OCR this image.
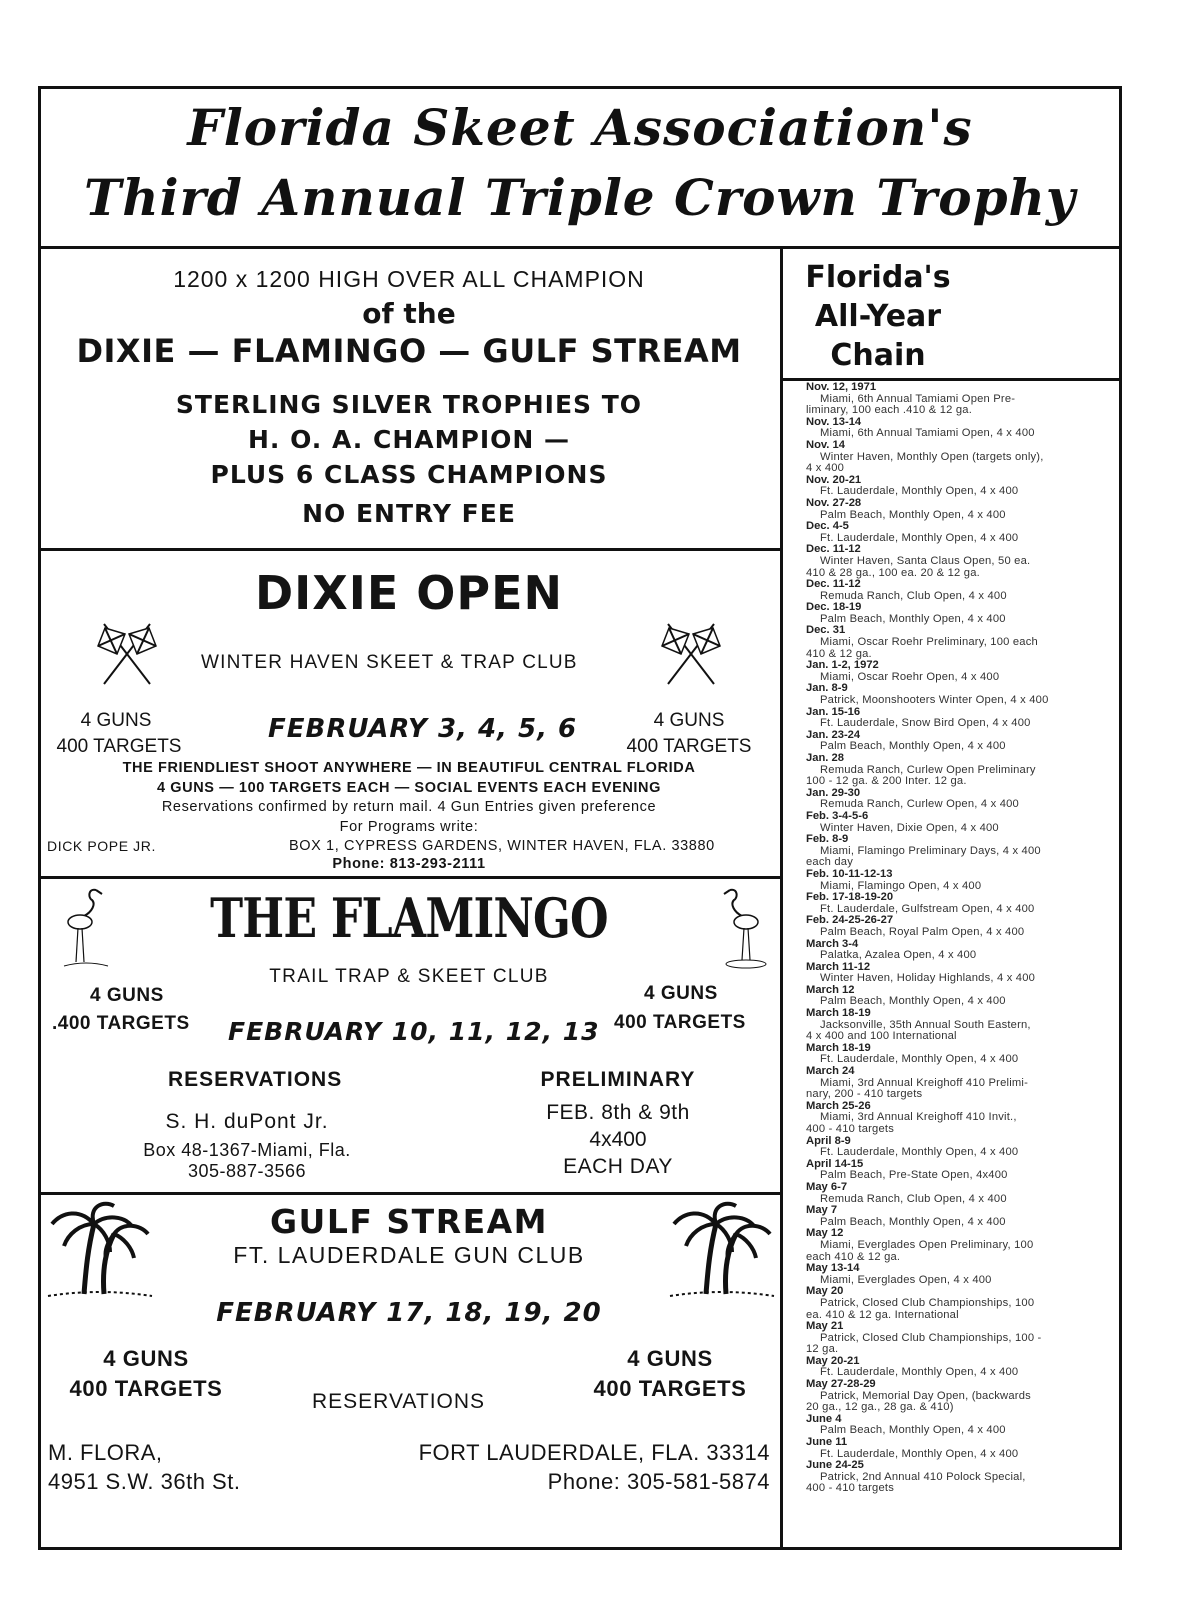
Florida Skeet Association's
Third Annual Triple Crown Trophy
1200 x 1200 HIGH OVER ALL CHAMPION
of the
DIXIE — FLAMINGO — GULF STREAM
STERLING SILVER TROPHIES TO
H. O. A. CHAMPION —
PLUS 6 CLASS CHAMPIONS
NO ENTRY FEE
DIXIE OPEN
WINTER HAVEN SKEET & TRAP CLUB
4 GUNS
400 TARGETS
FEBRUARY 3, 4, 5, 6	4 GUNS
400 TARGETS
THE FRIENDLIEST SHOOT ANYWHERE — IN BEAUTIFUL CENTRAL FLORIDA
4 GUNS — 100 TARGETS EACH — SOCIAL EVENTS EACH EVENING
Reservations confirmed by return mail. 4 Gun Entries given preference
For Programs write:
DICK POPE JR.	BOX 1, CYPRESS GARDENS, WINTER HAVEN, FLA. 33880
Phone: 813-293-2111
THE FLAMINGO
TRAIL TRAP & SKEET CLUB
4 GUNS
.400 TARGETS
4 GUNS
400 TARGETS
FEBRUARY 10, 11, 12, 13
RESERVATIONS
S. H. duPont Jr.
Box 48-1367-Miami, Fla.
305-887-3566
PRELIMINARY
FEB. 8th & 9th
4x400
EACH DAY
GULF STREAM
FT. LAUDERDALE GUN CLUB
FEBRUARY 17, 18, 19, 20
4 GUNS
400 TARGETS
4 GUNS
400 TARGETS
RESERVATIONS
M. FLORA,
4951 S.W. 36th St.
FORT LAUDERDALE, FLA. 33314
Phone: 305-581-5874
Florida's
All-Year
Chain
Nov. 12, 1971
Miami, 6th Annual Tamiami Open Pre-
liminary, 100 each .410 & 12 ga.
Nov. 13-14
Miami, 6th Annual Tamiami Open, 4 x 400
Nov. 14
Winter Haven, Monthly Open (targets only),
4 x 400
Nov. 20-21
Ft. Lauderdale, Monthly Open, 4 x 400
Nov. 27-28
Palm Beach, Monthly Open, 4 x 400
Dec. 4-5
Ft. Lauderdale, Monthly Open, 4 x 400
Dec. 11-12
Winter Haven, Santa Claus Open, 50 ea.
410 & 28 ga., 100 ea. 20 & 12 ga.
Dec. 11-12
Remuda Ranch, Club Open, 4 x 400
Dec. 18-19
Palm Beach, Monthly Open, 4 x 400
Dec. 31
Miami, Oscar Roehr Preliminary, 100 each
410 & 12 ga.
Jan. 1-2, 1972
Miami, Oscar Roehr Open, 4 x 400
Jan. 8-9
Patrick, Moonshooters Winter Open, 4 x 400
Jan. 15-16
Ft. Lauderdale, Snow Bird Open, 4 x 400
Jan. 23-24
Palm Beach, Monthly Open, 4 x 400
Jan. 28
Remuda Ranch, Curlew Open Preliminary
100 - 12 ga. & 200 Inter. 12 ga.
Jan. 29-30
Remuda Ranch, Curlew Open, 4 x 400
Feb. 3-4-5-6
Winter Haven, Dixie Open, 4 x 400
Feb. 8-9
Miami, Flamingo Preliminary Days, 4 x 400
each day
Feb. 10-11-12-13
Miami, Flamingo Open, 4 x 400
Feb. 17-18-19-20
Ft. Lauderdale, Gulfstream Open, 4 x 400
Feb. 24-25-26-27
Palm Beach, Royal Palm Open, 4 x 400
March 3-4
Palatka, Azalea Open, 4 x 400
March 11-12
Winter Haven, Holiday Highlands, 4 x 400
March 12
Palm Beach, Monthly Open, 4 x 400
March 18-19
Jacksonville, 35th Annual South Eastern,
4 x 400 and 100 International
March 18-19
Ft. Lauderdale, Monthly Open, 4 x 400
March 24
Miami, 3rd Annual Kreighoff 410 Prelimi-
nary, 200 - 410 targets
March 25-26
Miami, 3rd Annual Kreighoff 410 Invit.,
400 - 410 targets
April 8-9
Ft. Lauderdale, Monthly Open, 4 x 400
April 14-15
Palm Beach, Pre-State Open, 4x400
May 6-7
Remuda Ranch, Club Open, 4 x 400
May 7
Palm Beach, Monthly Open, 4 x 400
May 12
Miami, Everglades Open Preliminary, 100
each 410 & 12 ga.
May 13-14
Miami, Everglades Open, 4 x 400
May 20
Patrick, Closed Club Championships, 100
ea. 410 & 12 ga. International
May 21
Patrick, Closed Club Championships, 100 -
12 ga.
May 20-21
Ft. Lauderdale, Monthly Open, 4 x 400
May 27-28-29
Patrick, Memorial Day Open, (backwards
20 ga., 12 ga., 28 ga. & 410)
June 4
Palm Beach, Monthly Open, 4 x 400
June 11
Ft. Lauderdale, Monthly Open, 4 x 400
June 24-25
Patrick, 2nd Annual 410 Polock Special,
400 - 410 targets
